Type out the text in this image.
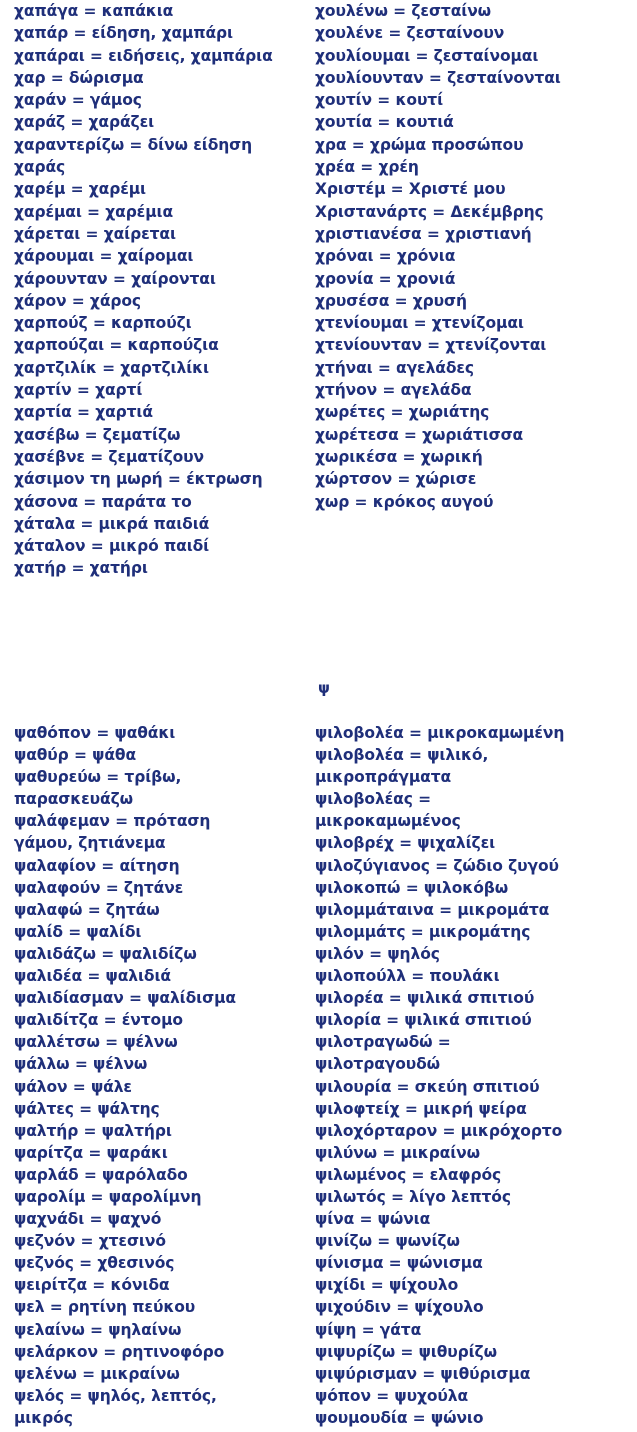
χαπάγα = καπάκια
χαπάρ = είδηση, χαμπάρι
χαπάραι = ειδήσεις, χαμπάρια
χαρ = δώρισμα
χαράν = γάμος
χαράζ = χαράζει
χαραντερίζω = δίνω είδηση
χαράς
χαρέμ = χαρέμι
χαρέμαι = χαρέμια
χάρεται = χαίρεται
χάρουμαι = χαίρομαι
χάρουνταν = χαίρονται
χάρον = χάρος
χαρπούζ = καρπούζι
χαρπούζαι = καρπούζια
χαρτζιλίκ = χαρτζιλίκι
χαρτίν = χαρτί
χαρτία = χαρτιά
χασέβω = ζεματίζω
χασέβνε = ζεματίζουν
χάσιμον τη μωρή = έκτρωση
χάσονα = παράτα το
χάταλα = μικρά παιδιά
χάταλον = μικρό παιδί
χατήρ = χατήρι
χουλένω = ζεσταίνω
χουλένε = ζεσταίνουν
χουλίουμαι = ζεσταίνομαι
χουλίουνταν = ζεσταίνονται
χουτίν = κουτί
χουτία = κουτιά
χρα = χρώμα προσώπου
χρέα = χρέη
Χριστέμ = Χριστέ μου
Χριστανάρτς = Δεκέμβρης
χριστιανέσα = χριστιανή
χρόναι = χρόνια
χρονία = χρονιά
χρυσέσα = χρυσή
χτενίουμαι = χτενίζομαι
χτενίουνταν = χτενίζονται
χτήναι = αγελάδες
χτήνον = αγελάδα
χωρέτες = χωριάτης
χωρέτεσα = χωριάτισσα
χωρικέσα = χωρική
χώρτσον = χώρισε
χωρ = κρόκος αυγού
ψ
ψαθόπον = ψαθάκι
ψαθύρ = ψάθα
ψαθυρεύω = τρίβω,
παρασκευάζω
ψαλάφεμαν = πρόταση
γάμου, ζητιάνεμα
ψαλαφίον = αίτηση
ψαλαφούν = ζητάνε
ψαλαφώ = ζητάω
ψαλίδ = ψαλίδι
ψαλιδάζω = ψαλιδίζω
ψαλιδέα = ψαλιδιά
ψαλιδίασμαν = ψαλίδισμα
ψαλιδίτζα = έντομο
ψαλλέτσω = ψέλνω
ψάλλω = ψέλνω
ψάλον = ψάλε
ψάλτες = ψάλτης
ψαλτήρ = ψαλτήρι
ψαρίτζα = ψαράκι
ψαρλάδ = ψαρόλαδο
ψαρολίμ = ψαρολίμνη
ψαχνάδι = ψαχνό
ψεζνόν = χτεσινό
ψεζνός = χθεσινός
ψειρίτζα = κόνιδα
ψελ = ρητίνη πεύκου
ψελαίνω = ψηλαίνω
ψελάρκον = ρητινοφόρο
ψελένω = μικραίνω
ψελός = ψηλός, λεπτός,
μικρός
ψιλοβολέα = μικροκαμωμένη
ψιλοβολέα = ψιλικό,
μικροπράγματα
ψιλοβολέας =
μικροκαμωμένος
ψιλοβρέχ = ψιχαλίζει
ψιλοζύγιανος = ζώδιο ζυγού
ψιλοκοπώ = ψιλοκόβω
ψιλομμάταινα = μικρομάτα
ψιλομμάτς = μικρομάτης
ψιλόν = ψηλός
ψιλοπούλλ = πουλάκι
ψιλορέα = ψιλικά σπιτιού
ψιλορία = ψιλικά σπιτιού
ψιλοτραγωδώ =
ψιλοτραγουδώ
ψιλουρία = σκεύη σπιτιού
ψιλοφτείχ = μικρή ψείρα
ψιλοχόρταρον = μικρόχορτο
ψιλύνω = μικραίνω
ψιλωμένος = ελαφρός
ψιλωτός = λίγο λεπτός
ψίνα = ψώνια
ψινίζω = ψωνίζω
ψίνισμα = ψώνισμα
ψιχίδι = ψίχουλο
ψιχούδιν = ψίχουλο
ψίψη = γάτα
ψιψυρίζω = ψιθυρίζω
ψιψύρισμαν = ψιθύρισμα
ψόπον = ψυχούλα
ψουμουδία = ψώνιο
